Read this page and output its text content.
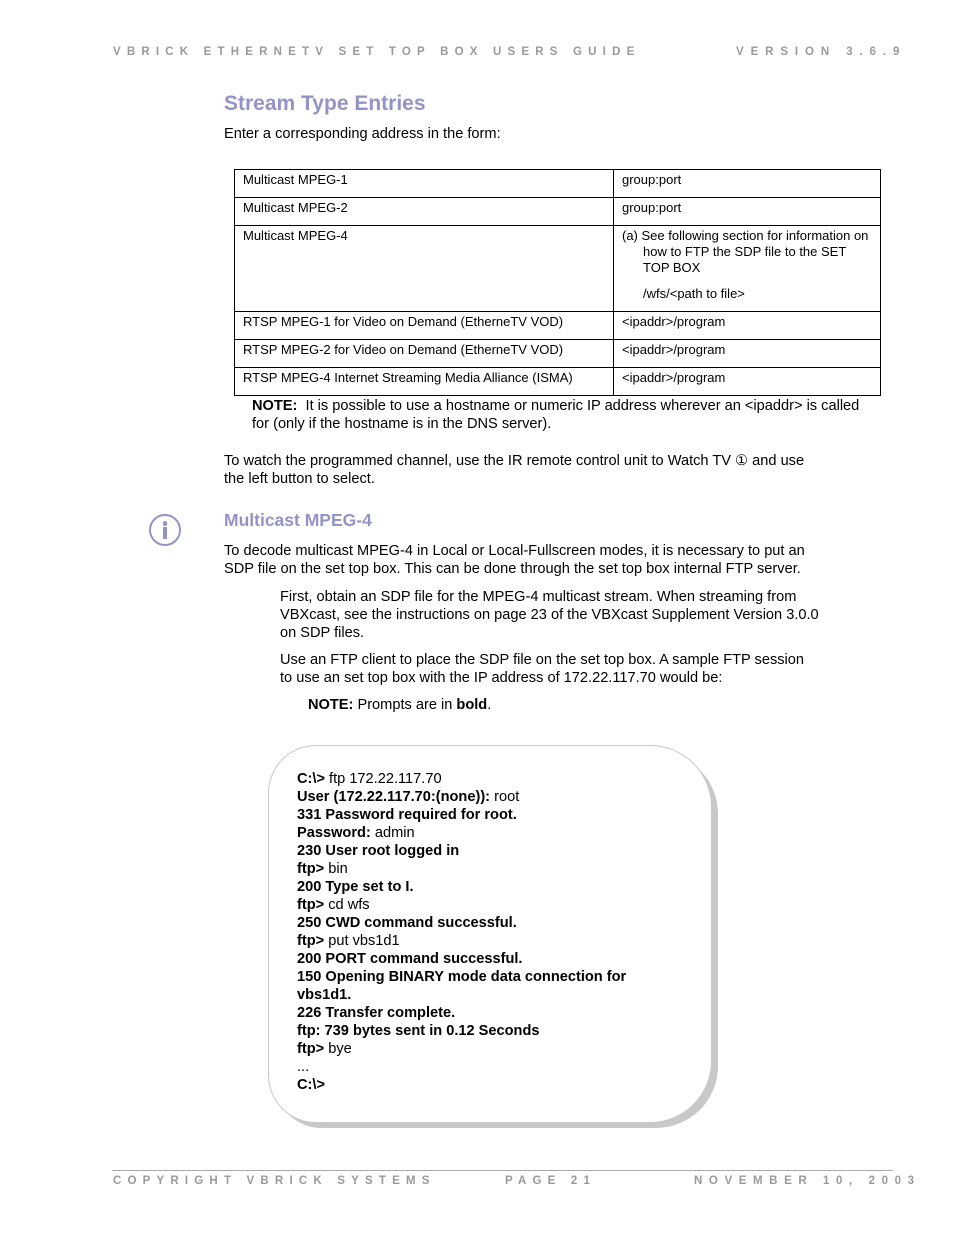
VBRICK ETHERNETV SET TOP BOX USERS GUIDE	VERSION 3.6.9
Stream Type Entries
Enter a corresponding address in the form:
Multicast MPEG-1	group:port
Multicast MPEG-2	group:port
Multicast MPEG-4	(a) See following section for information on how to FTP the SDP file to the SET TOP BOX
/wfs/<path to file>

RTSP MPEG-1 for Video on Demand (EtherneTV VOD)	<ipaddr>/program
RTSP MPEG-2 for Video on Demand (EtherneTV VOD)	<ipaddr>/program
RTSP MPEG-4 Internet Streaming Media Alliance (ISMA)	<ipaddr>/program
NOTE: It is possible to use a hostname or numeric IP address wherever an <ipaddr> is called for (only if the hostname is in the DNS server).
To watch the programmed channel, use the IR remote control unit to Watch TV ① and use
the left button to select.
Multicast MPEG-4
To decode multicast MPEG-4 in Local or Local-Fullscreen modes, it is necessary to put an
SDP file on the set top box. This can be done through the set top box internal FTP server.
First, obtain an SDP file for the MPEG-4 multicast stream. When streaming from
VBXcast, see the instructions on page 23 of the VBXcast Supplement Version 3.0.0
on SDP files.
Use an FTP client to place the SDP file on the set top box. A sample FTP session
to use an set top box with the IP address of 172.22.117.70 would be:
NOTE: Prompts are in bold.
C:\> ftp 172.22.117.70
User (172.22.117.70:(none)): root
331 Password required for root.
Password: admin
230 User root logged in
ftp> bin
200 Type set to I.
ftp> cd wfs
250 CWD command successful.
ftp> put vbs1d1
200 PORT command successful.
150 Opening BINARY mode data connection for
vbs1d1.
226 Transfer complete.
ftp: 739 bytes sent in 0.12 Seconds
ftp> bye
...
C:\>
COPYRIGHT VBRICK SYSTEMS	PAGE 21	NOVEMBER 10, 2003
